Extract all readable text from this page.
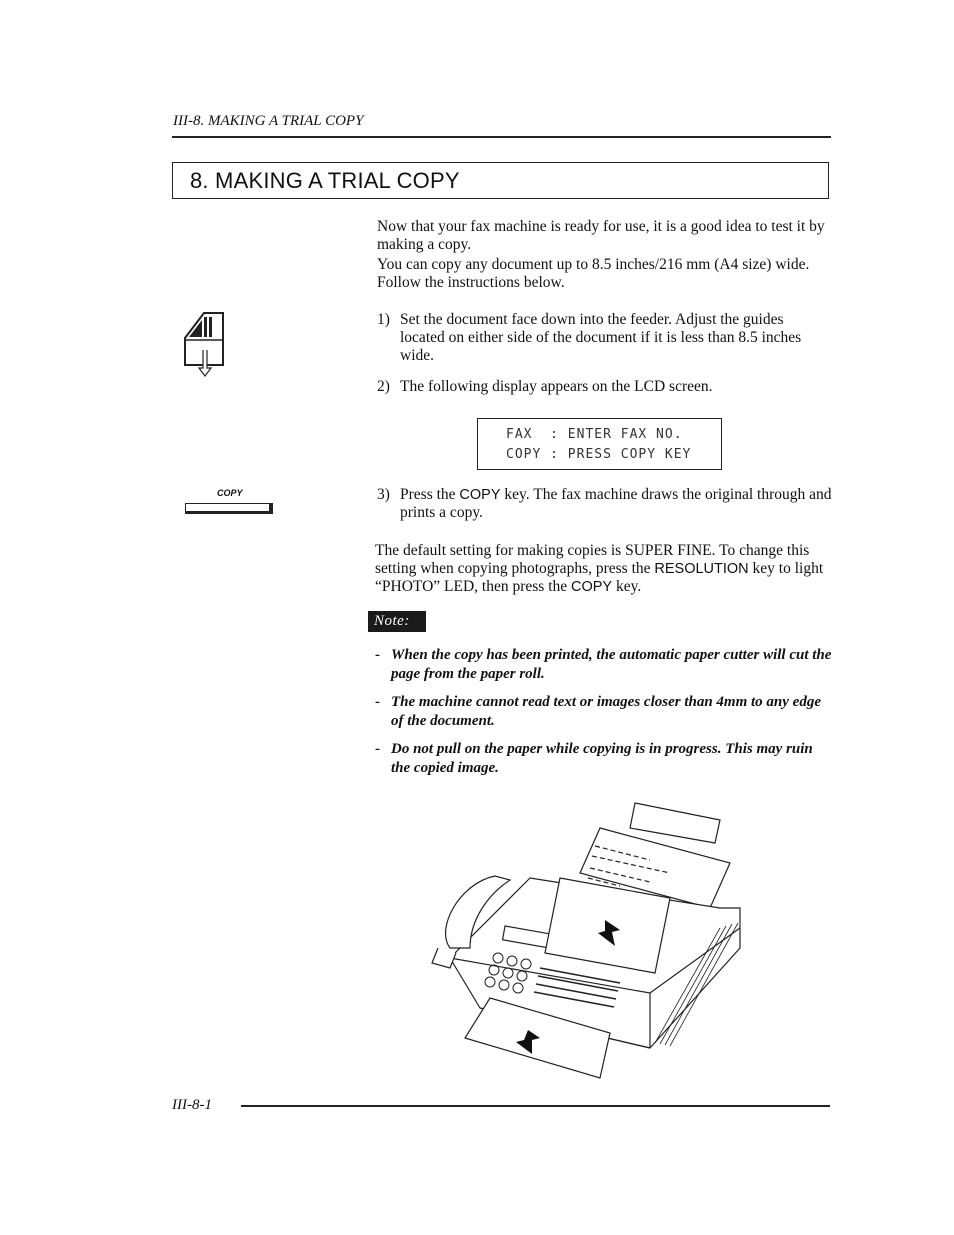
III-8. MAKING A TRIAL COPY
8. MAKING A TRIAL COPY
Now that your fax machine is ready for use, it is a good idea to test it by making a copy.
You can copy any document up to 8.5 inches/216 mm (A4 size) wide. Follow the instructions below.
1) Set the document face down into the feeder. Adjust the guides located on either side of the document if it is less than 8.5 inches wide.
2) The following display appears on the LCD screen.
FAX  : ENTER FAX NO.
COPY : PRESS COPY KEY
COPY	3) Press the COPY key. The fax machine draws the original through and prints a copy.
The default setting for making copies is SUPER FINE. To change this setting when copying photographs, press the RESOLUTION key to light “PHOTO” LED, then press the COPY key.
Note:
- When the copy has been printed, the automatic paper cutter will cut the page from the paper roll.
- The machine cannot read text or images closer than 4mm to any edge of the document.
- Do not pull on the paper while copying is in progress. This may ruin the copied image.
III-8-1
